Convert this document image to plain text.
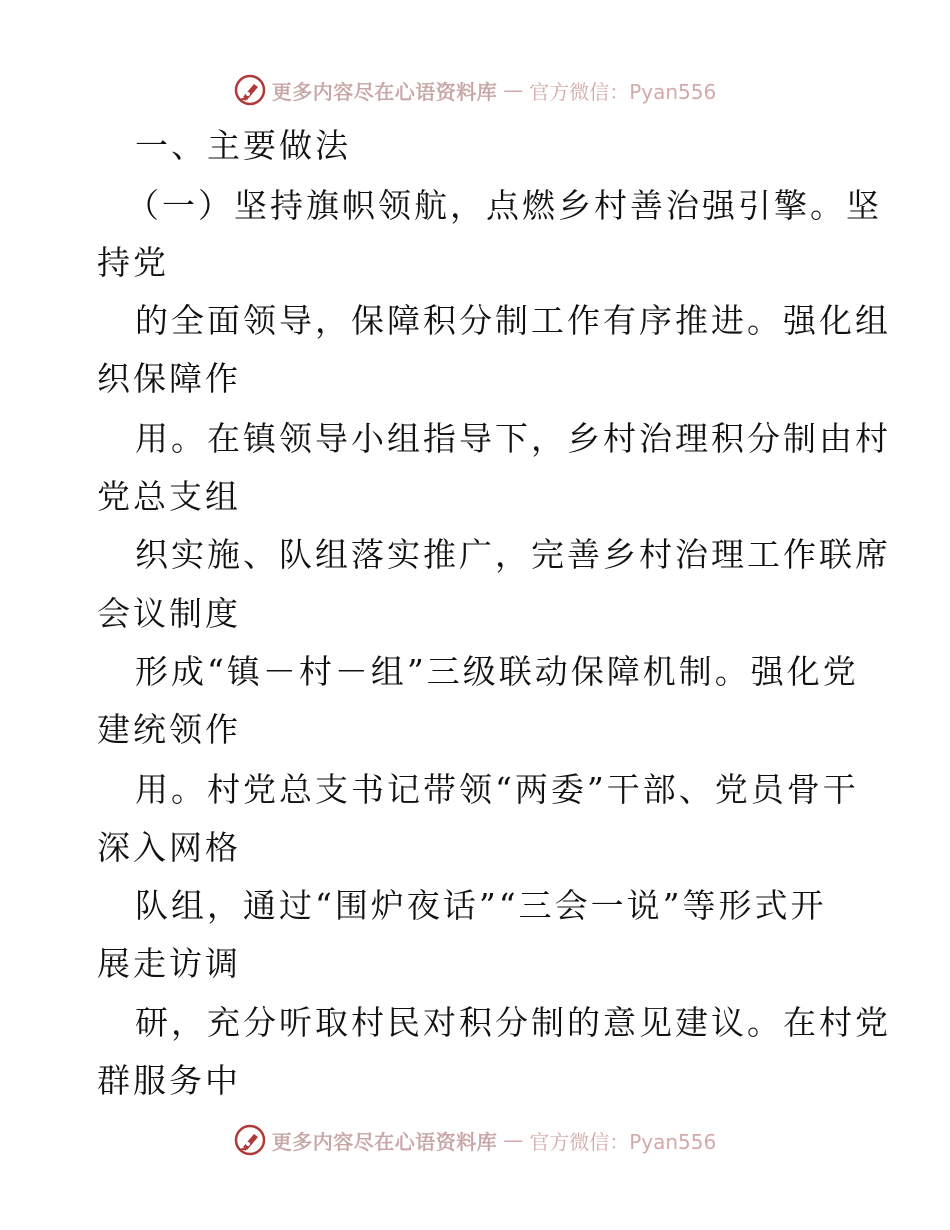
更多内容尽在心语资料库 — 官方微信：Pyan556
一、主要做法
（一）坚持旗帜领航，点燃乡村善治强引擎。坚
持党
的全面领导，保障积分制工作有序推进。强化组
织保障作
用。在镇领导小组指导下，乡村治理积分制由村
党总支组
织实施、队组落实推广，完善乡村治理工作联席
会议制度
形成“镇－村－组”三级联动保障机制。强化党
建统领作
用。村党总支书记带领“两委”干部、党员骨干
深入网格
队组，通过“围炉夜话”“三会一说”等形式开
展走访调
研，充分听取村民对积分制的意见建议。在村党
群服务中
更多内容尽在心语资料库 — 官方微信：Pyan556
